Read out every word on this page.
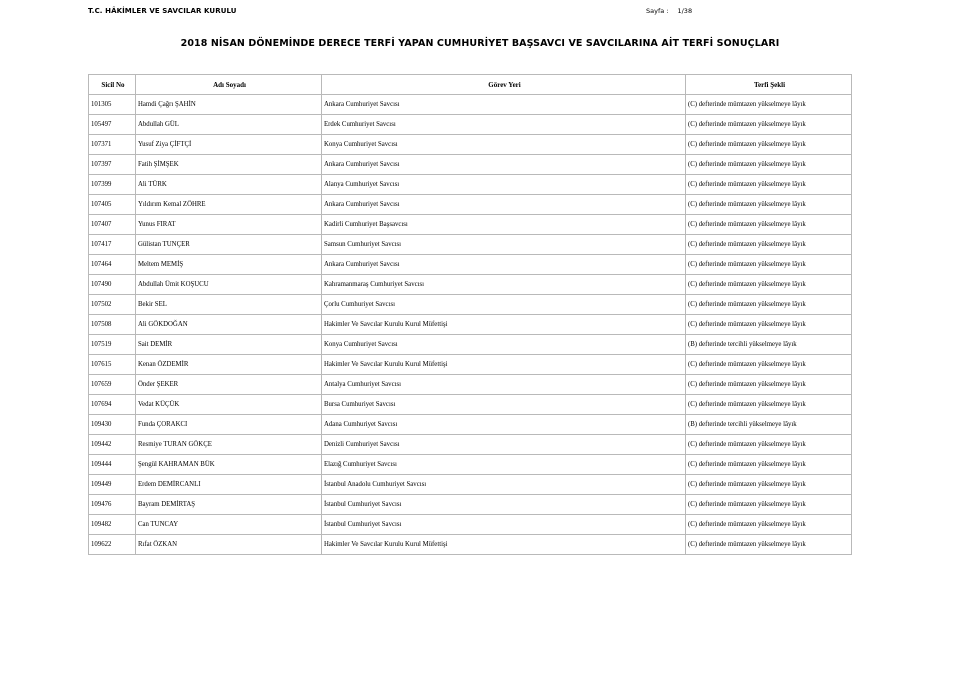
T.C. HÂKİMLER VE SAVCILAR KURULU	Sayfa : 1/38
2018 NİSAN DÖNEMİNDE DERECE TERFİ YAPAN CUMHURİYET BAŞSAVCI VE SAVCILARINA AİT TERFİ SONUÇLARI
Sicil No	Adı Soyadı	Görev Yeri	Terfi Şekli
101305	Hamdi Çağrı ŞAHİN	Ankara Cumhuriyet Savcısı	(C) defterinde mümtazen yükselmeye lâyık
105497	Abdullah GÜL	Erdek Cumhuriyet Savcısı	(C) defterinde mümtazen yükselmeye lâyık
107371	Yusuf Ziya ÇİFTÇİ	Konya Cumhuriyet Savcısı	(C) defterinde mümtazen yükselmeye lâyık
107397	Fatih ŞİMŞEK	Ankara Cumhuriyet Savcısı	(C) defterinde mümtazen yükselmeye lâyık
107399	Ali TÜRK	Alanya Cumhuriyet Savcısı	(C) defterinde mümtazen yükselmeye lâyık
107405	Yıldırım Kemal ZÖHRE	Ankara Cumhuriyet Savcısı	(C) defterinde mümtazen yükselmeye lâyık
107407	Yunus FIRAT	Kadirli Cumhuriyet Başsavcısı	(C) defterinde mümtazen yükselmeye lâyık
107417	Gülistan TUNÇER	Samsun Cumhuriyet Savcısı	(C) defterinde mümtazen yükselmeye lâyık
107464	Meltem MEMİŞ	Ankara Cumhuriyet Savcısı	(C) defterinde mümtazen yükselmeye lâyık
107490	Abdullah Ümit KOŞUCU	Kahramanmaraş Cumhuriyet Savcısı	(C) defterinde mümtazen yükselmeye lâyık
107502	Bekir SEL	Çorlu Cumhuriyet Savcısı	(C) defterinde mümtazen yükselmeye lâyık
107508	Ali GÖKDOĞAN	Hakimler Ve Savcılar Kurulu Kurul Müfettişi	(C) defterinde mümtazen yükselmeye lâyık
107519	Sait DEMİR	Konya Cumhuriyet Savcısı	(B) defterinde tercihli yükselmeye lâyık
107615	Kenan ÖZDEMİR	Hakimler Ve Savcılar Kurulu Kurul Müfettişi	(C) defterinde mümtazen yükselmeye lâyık
107659	Önder ŞEKER	Antalya Cumhuriyet Savcısı	(C) defterinde mümtazen yükselmeye lâyık
107694	Vedat KÜÇÜK	Bursa Cumhuriyet Savcısı	(C) defterinde mümtazen yükselmeye lâyık
109430	Funda ÇORAKCI	Adana Cumhuriyet Savcısı	(B) defterinde tercihli yükselmeye lâyık
109442	Resmiye TURAN GÖKÇE	Denizli Cumhuriyet Savcısı	(C) defterinde mümtazen yükselmeye lâyık
109444	Şengül KAHRAMAN BÜK	Elazığ Cumhuriyet Savcısı	(C) defterinde mümtazen yükselmeye lâyık
109449	Erdem DEMİRCANLI	İstanbul Anadolu Cumhuriyet Savcısı	(C) defterinde mümtazen yükselmeye lâyık
109476	Bayram DEMİRTAŞ	İstanbul Cumhuriyet Savcısı	(C) defterinde mümtazen yükselmeye lâyık
109482	Can TUNCAY	İstanbul Cumhuriyet Savcısı	(C) defterinde mümtazen yükselmeye lâyık
109622	Rıfat ÖZKAN	Hakimler Ve Savcılar Kurulu Kurul Müfettişi	(C) defterinde mümtazen yükselmeye lâyık
